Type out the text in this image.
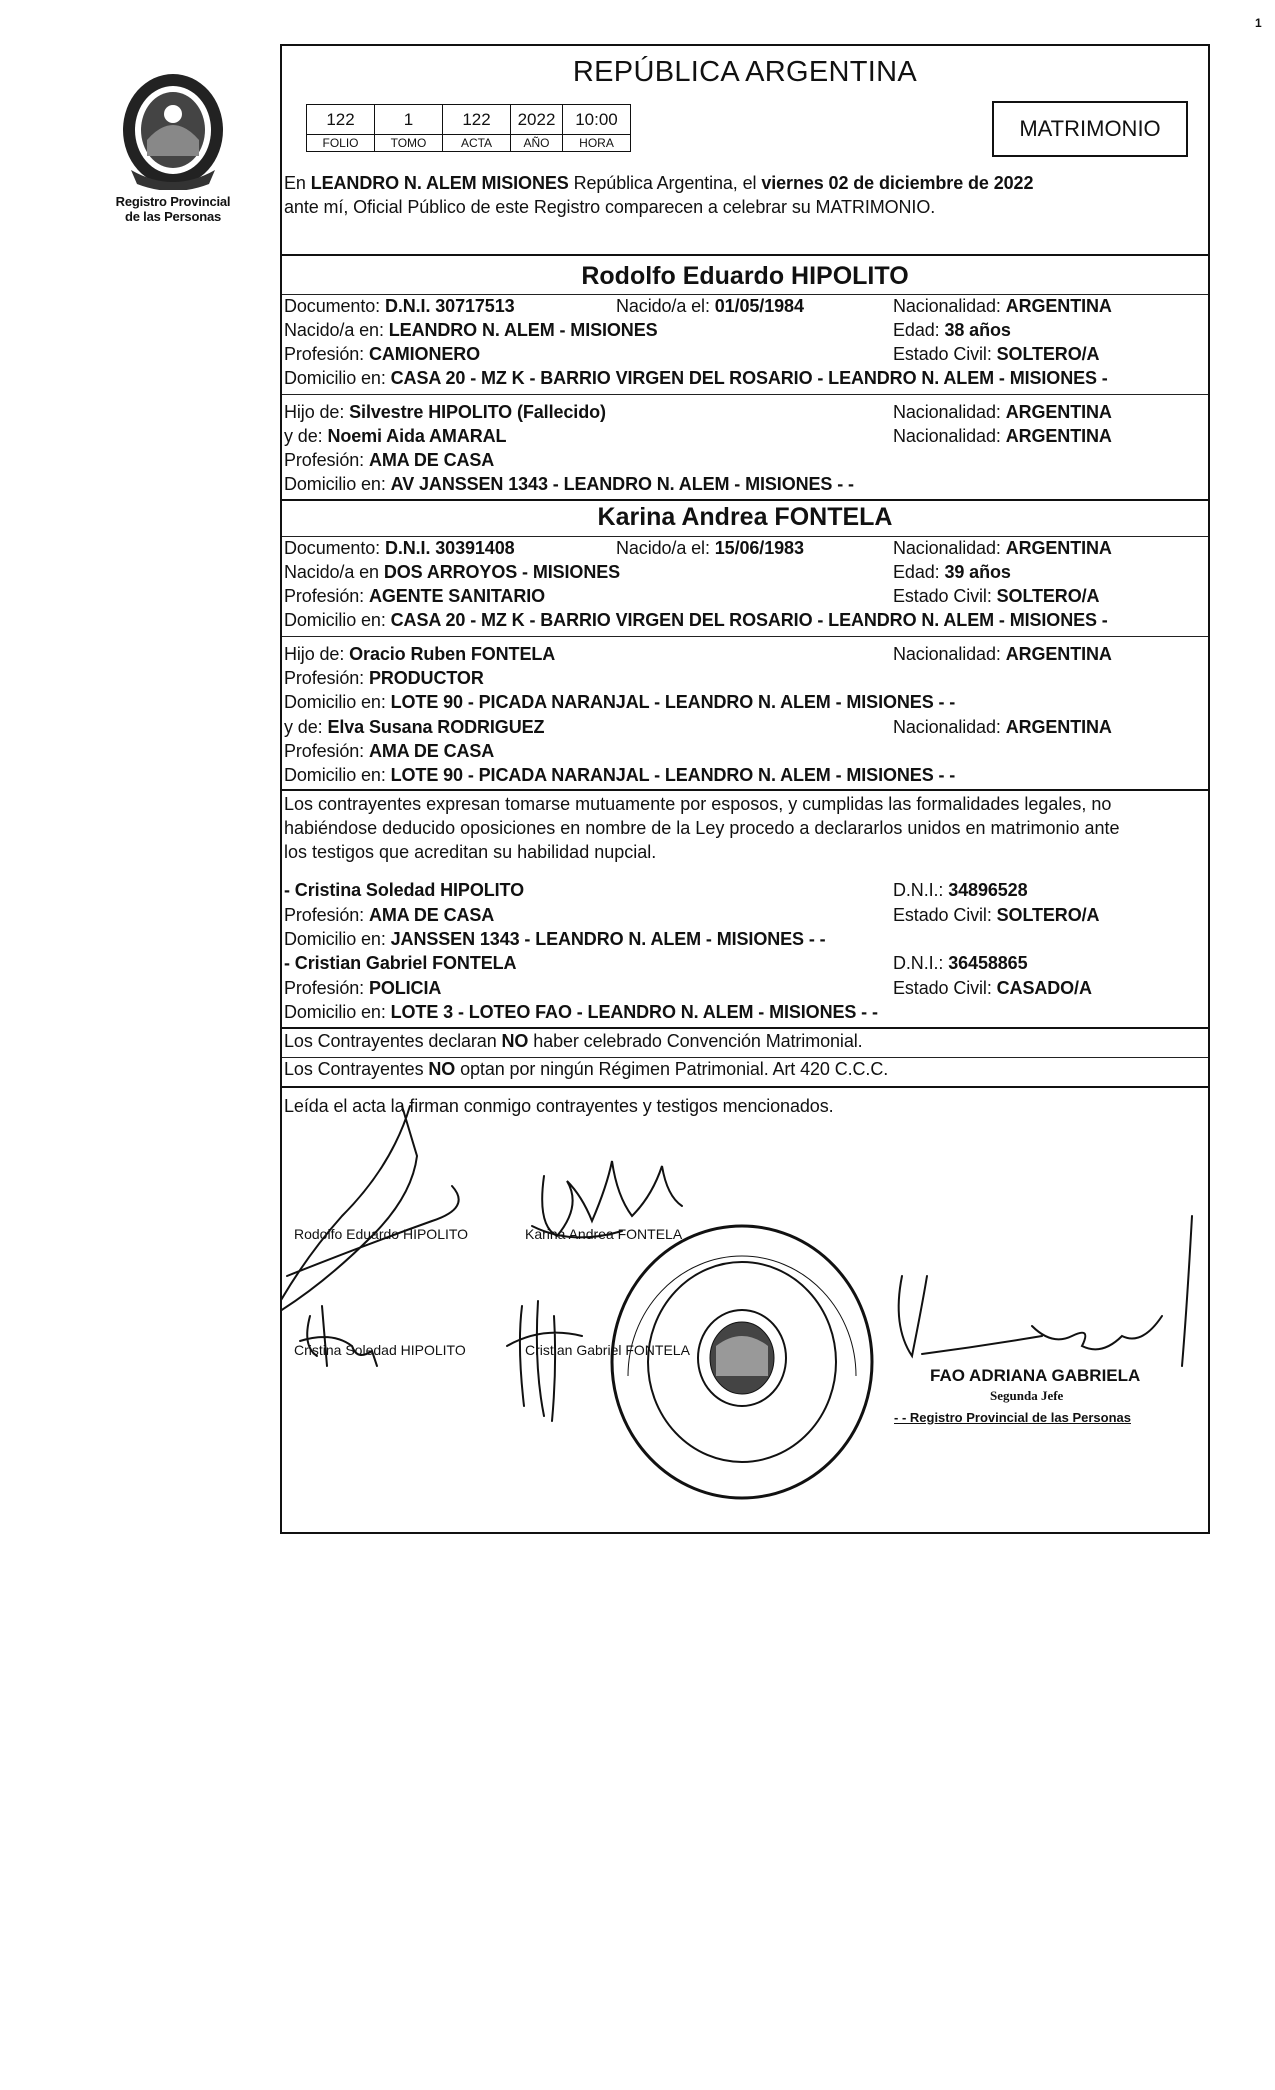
1
Registro Provincial
de las Personas
REPÚBLICA ARGENTINA
122	1	122	2022	10:00
FOLIO	TOMO	ACTA	AÑO	HORA
MATRIMONIO
En LEANDRO N. ALEM MISIONES República Argentina, el viernes 02 de diciembre de 2022
ante mí, Oficial Público de este Registro comparecen a celebrar su MATRIMONIO.
Rodolfo Eduardo HIPOLITO
Documento: D.N.I. 30717513	Nacido/a el: 01/05/1984	Nacionalidad: ARGENTINA
Nacido/a en: LEANDRO N. ALEM - MISIONES	Edad: 38 años
Profesión: CAMIONERO	Estado Civil: SOLTERO/A
Domicilio en: CASA 20 - MZ K - BARRIO VIRGEN DEL ROSARIO - LEANDRO N. ALEM - MISIONES -
Hijo de: Silvestre HIPOLITO (Fallecido)	Nacionalidad: ARGENTINA
y de: Noemi Aida AMARAL	Nacionalidad: ARGENTINA
Profesión: AMA DE CASA
Domicilio en: AV JANSSEN 1343 - LEANDRO N. ALEM - MISIONES - -
Karina Andrea FONTELA
Documento: D.N.I. 30391408	Nacido/a el: 15/06/1983	Nacionalidad: ARGENTINA
Nacido/a en DOS ARROYOS - MISIONES	Edad: 39 años
Profesión: AGENTE SANITARIO	Estado Civil: SOLTERO/A
Domicilio en: CASA 20 - MZ K - BARRIO VIRGEN DEL ROSARIO - LEANDRO N. ALEM - MISIONES -
Hijo de: Oracio Ruben FONTELA	Nacionalidad: ARGENTINA
Profesión: PRODUCTOR
Domicilio en: LOTE 90 - PICADA NARANJAL - LEANDRO N. ALEM - MISIONES - -
y de: Elva Susana RODRIGUEZ	Nacionalidad: ARGENTINA
Profesión: AMA DE CASA
Domicilio en: LOTE 90 - PICADA NARANJAL - LEANDRO N. ALEM - MISIONES - -
Los contrayentes expresan tomarse mutuamente por esposos, y cumplidas las formalidades legales, no
habiéndose deducido oposiciones en nombre de la Ley procedo a declararlos unidos en matrimonio ante
los testigos que acreditan su habilidad nupcial.
- Cristina Soledad HIPOLITO	D.N.I.: 34896528
Profesión: AMA DE CASA	Estado Civil: SOLTERO/A
Domicilio en: JANSSEN 1343 - LEANDRO N. ALEM - MISIONES - -
- Cristian Gabriel FONTELA	D.N.I.: 36458865
Profesión: POLICIA	Estado Civil: CASADO/A
Domicilio en: LOTE 3 - LOTEO FAO - LEANDRO N. ALEM - MISIONES - -
Los Contrayentes declaran NO haber celebrado Convención Matrimonial.
Los Contrayentes NO optan por ningún Régimen Patrimonial. Art 420 C.C.C.
Leída el acta la firman conmigo contrayentes y testigos mencionados.
Rodolfo Eduardo HIPOLITO	Karina Andrea FONTELA
Cristina Soledad HIPOLITO	Cristian Gabriel FONTELA
FAO ADRIANA GABRIELA
Segunda Jefe
- - Registro Provincial de las Personas
